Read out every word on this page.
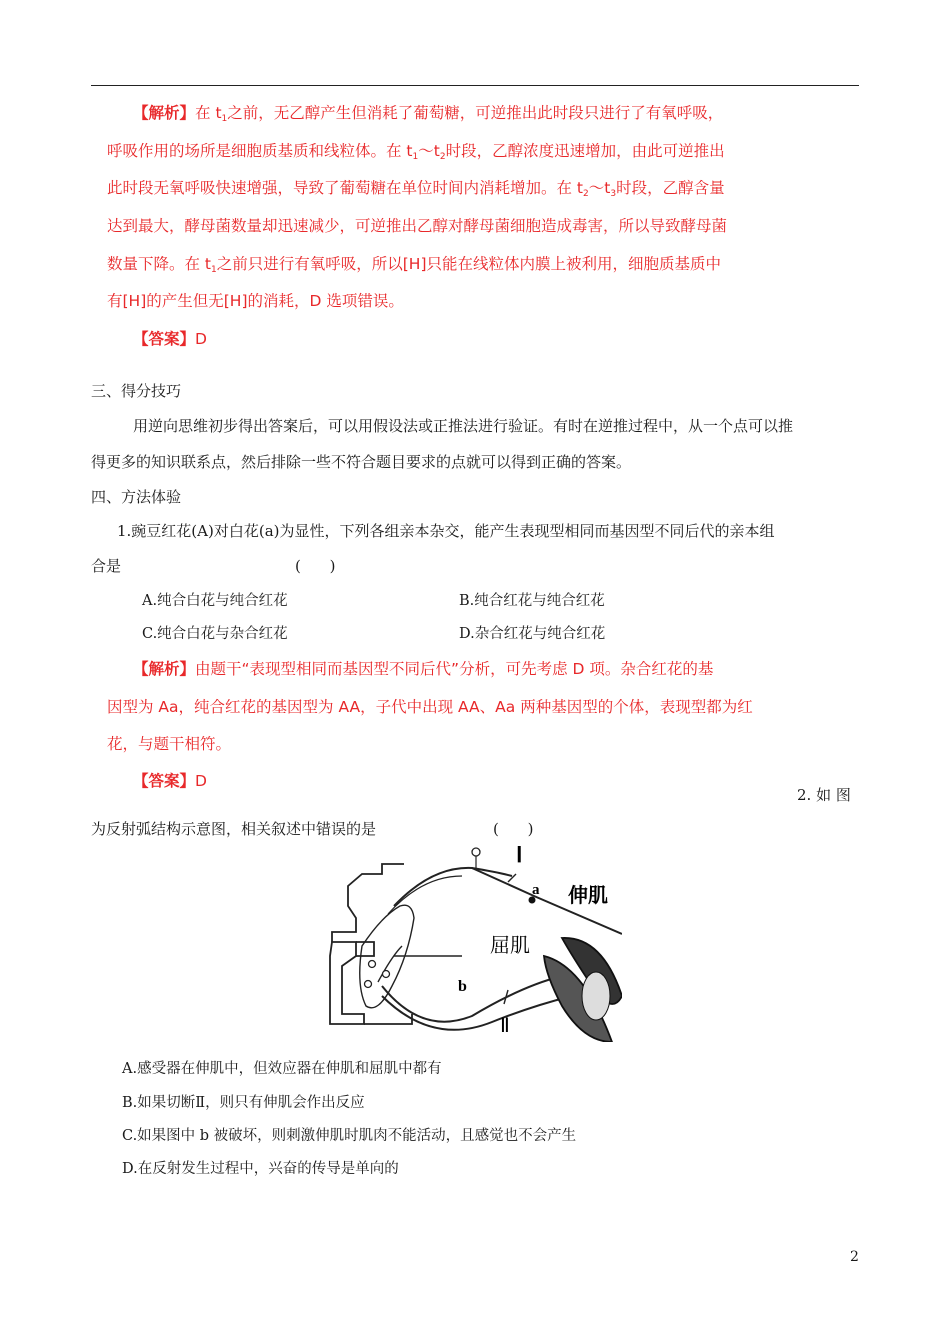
【解析】在 $t_1$之前，无乙醇产生但消耗了葡萄糖，可逆推出此时段只进行了有氧呼吸，
呼吸作用的场所是细胞质基质和线粒体。在 $t_1\sim t_2$时段，乙醇浓度迅速增加，由此可逆推出
此时段无氧呼吸快速增强，导致了葡萄糖在单位时间内消耗增加。在 $t_2\sim t_3$时段，乙醇含量
达到最大，酵母菌数量却迅速减少，可逆推出乙醇对酵母菌细胞造成毒害，所以导致酵母菌
数量下降。在 $t_1$之前只进行有氧呼吸，所以[H]只能在线粒体内膜上被利用，细胞质基质中
有[H]的产生但无[H]的消耗，D 选项错误。
【答案】D
三、得分技巧
用逆向思维初步得出答案后，可以用假设法或正推法进行验证。有时在逆推过程中，从一个点可以推
得更多的知识联系点，然后排除一些不符合题目要求的点就可以得到正确的答案。
四、方法体验
1.豌豆红花(A)对白花(a)为显性，下列各组亲本杂交，能产生表现型相同而基因型不同后代的亲本组
合是	( )
A.纯合白花与纯合红花	B.纯合红花与纯合红花
C.纯合白花与杂合红花	D.杂合红花与纯合红花
【解析】由题干“表现型相同而基因型不同后代”分析，可先考虑 D 项。杂合红花的基
因型为 Aa，纯合红花的基因型为 AA，子代中出现 AA、Aa 两种基因型的个体，表现型都为红
花，与题干相符。
【答案】D
2. 如 图
为反射弧结构示意图，相关叙述中错误的是	( )
Ⅰ
a 伸肌
屈肌
b
Ⅱ
A.感受器在伸肌中，但效应器在伸肌和屈肌中都有
B.如果切断Ⅱ，则只有伸肌会作出反应
C.如果图中 b 被破坏，则刺激伸肌时肌肉不能活动，且感觉也不会产生
D.在反射发生过程中，兴奋的传导是单向的
2
